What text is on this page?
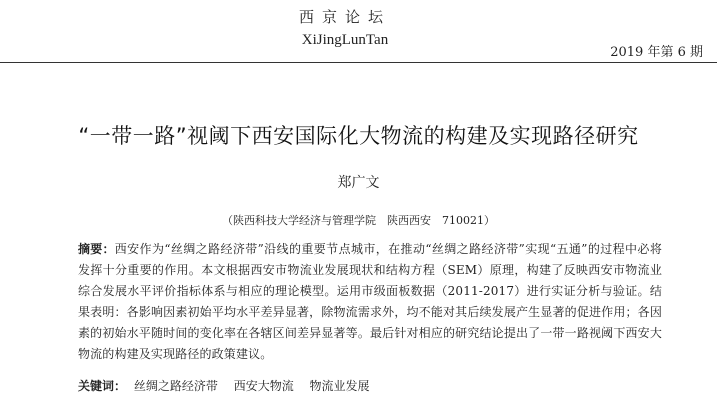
西京论坛
XiJingLunTan
2019 年第 6 期
“一带一路”视阈下西安国际化大物流的构建及实现路径研究
郑广文
（陕西科技大学经济与管理学院　陕西西安　710021）
摘要：西安作为“丝绸之路经济带”沿线的重要节点城市，在推动“丝绸之路经济带”实现“五通”的过程中必将发挥十分重要的作用。本文根据西安市物流业发展现状和结构方程（SEM）原理，构建了反映西安市物流业综合发展水平评价指标体系与相应的理论模型。运用市级面板数据（2011-2017）进行实证分析与验证。结果表明：各影响因素初始平均水平差异显著，除物流需求外，均不能对其后续发展产生显著的促进作用；各因素的初始水平随时间的变化率在各辖区间差异显著等。最后针对相应的研究结论提出了一带一路视阈下西安大物流的构建及实现路径的政策建议。
关键词： 丝绸之路经济带 西安大物流 物流业发展
